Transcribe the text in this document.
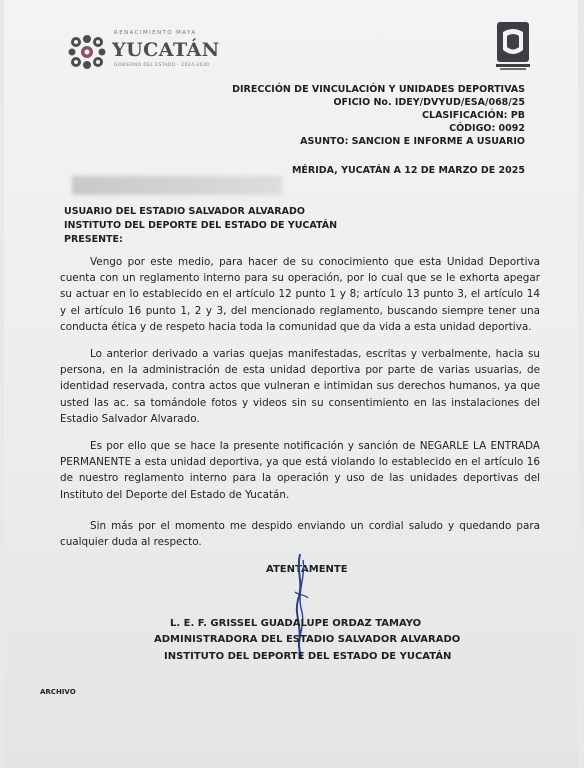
RENACIMIENTO MAYA
YUCATÁN
GOBIERNO DEL ESTADO · 2024-2030
DIRECCIÓN DE VINCULACIÓN Y UNIDADES DEPORTIVAS
OFICIO No. IDEY/DVYUD/ESA/068/25
CLASIFICACIÓN: PB
CÓDIGO: 0092
ASUNTO: SANCION E INFORME A USUARIO
MÉRIDA, YUCATÁN A 12 DE MARZO DE 2025
USUARIO DEL ESTADIO SALVADOR ALVARADO
INSTITUTO DEL DEPORTE DEL ESTADO DE YUCATÁN
PRESENTE:

Vengo por este medio, para hacer de su conocimiento que esta Unidad Deportiva cuenta con un reglamento interno para su operación, por lo cual que se le exhorta apegar su actuar en lo establecido en el artículo 12 punto 1 y 8; artículo 13 punto 3, el artículo 14 y el artículo 16 punto 1, 2 y 3, del mencionado reglamento, buscando siempre tener una conducta ética y de respeto hacia toda la comunidad que da vida a esta unidad deportiva.

Lo anterior derivado a varias quejas manifestadas, escritas y verbalmente, hacia su persona, en la administración de esta unidad deportiva por parte de varias usuarias, de identidad reservada, contra actos que vulneran e intimidan sus derechos humanos, ya que usted las ac. sa tomándole fotos y videos sin su consentimiento en las instalaciones del Estadio Salvador Alvarado.

Es por ello que se hace la presente notificación y sanción de NEGARLE LA ENTRADA PERMANENTE a esta unidad deportiva, ya que está violando lo establecido en el artículo 16 de nuestro reglamento interno para la operación y uso de las unidades deportivas del Instituto del Deporte del Estado de Yucatán.

Sin más por el momento me despido enviando un cordial saludo y quedando para cualquier duda al respecto.

ATENTAMENTE
L. E. F. GRISSEL GUADALUPE ORDAZ TAMAYO
ADMINISTRADORA DEL ESTADIO SALVADOR ALVARADO
INSTITUTO DEL DEPORTE DEL ESTADO DE YUCATÁN
ARCHIVO
